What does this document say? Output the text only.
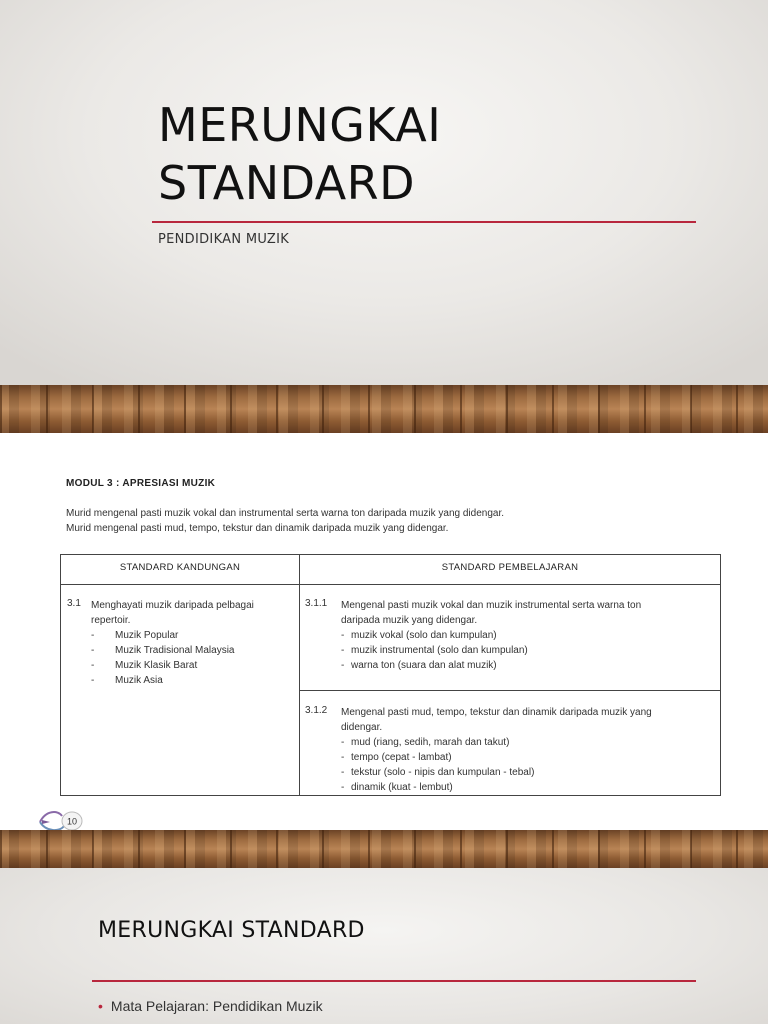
MERUNGKAI
STANDARD
PENDIDIKAN MUZIK
MODUL 3 : APRESIASI MUZIK
Murid mengenal pasti muzik vokal dan instrumental serta warna ton daripada muzik yang didengar.
Murid mengenal pasti mud, tempo, tekstur dan dinamik daripada muzik yang didengar.
STANDARD KANDUNGAN	STANDARD PEMBELAJARAN
3.1 Menghayati muzik daripada pelbagai
repertoir.
- Muzik Popular
- Muzik Tradisional Malaysia
- Muzik Klasik Barat
- Muzik Asia
3.1.1 Mengenal pasti muzik vokal dan muzik instrumental serta warna ton
daripada muzik yang didengar.
- muzik vokal (solo dan kumpulan)
- muzik instrumental (solo dan kumpulan)
- warna ton (suara dan alat muzik)
3.1.2 Mengenal pasti mud, tempo, tekstur dan dinamik daripada muzik yang
didengar.
- mud (riang, sedih, marah dan takut)
- tempo (cepat - lambat)
- tekstur (solo - nipis dan kumpulan - tebal)
- dinamik (kuat - lembut)
10
MERUNGKAI STANDARD
• Mata Pelajaran: Pendidikan Muzik
